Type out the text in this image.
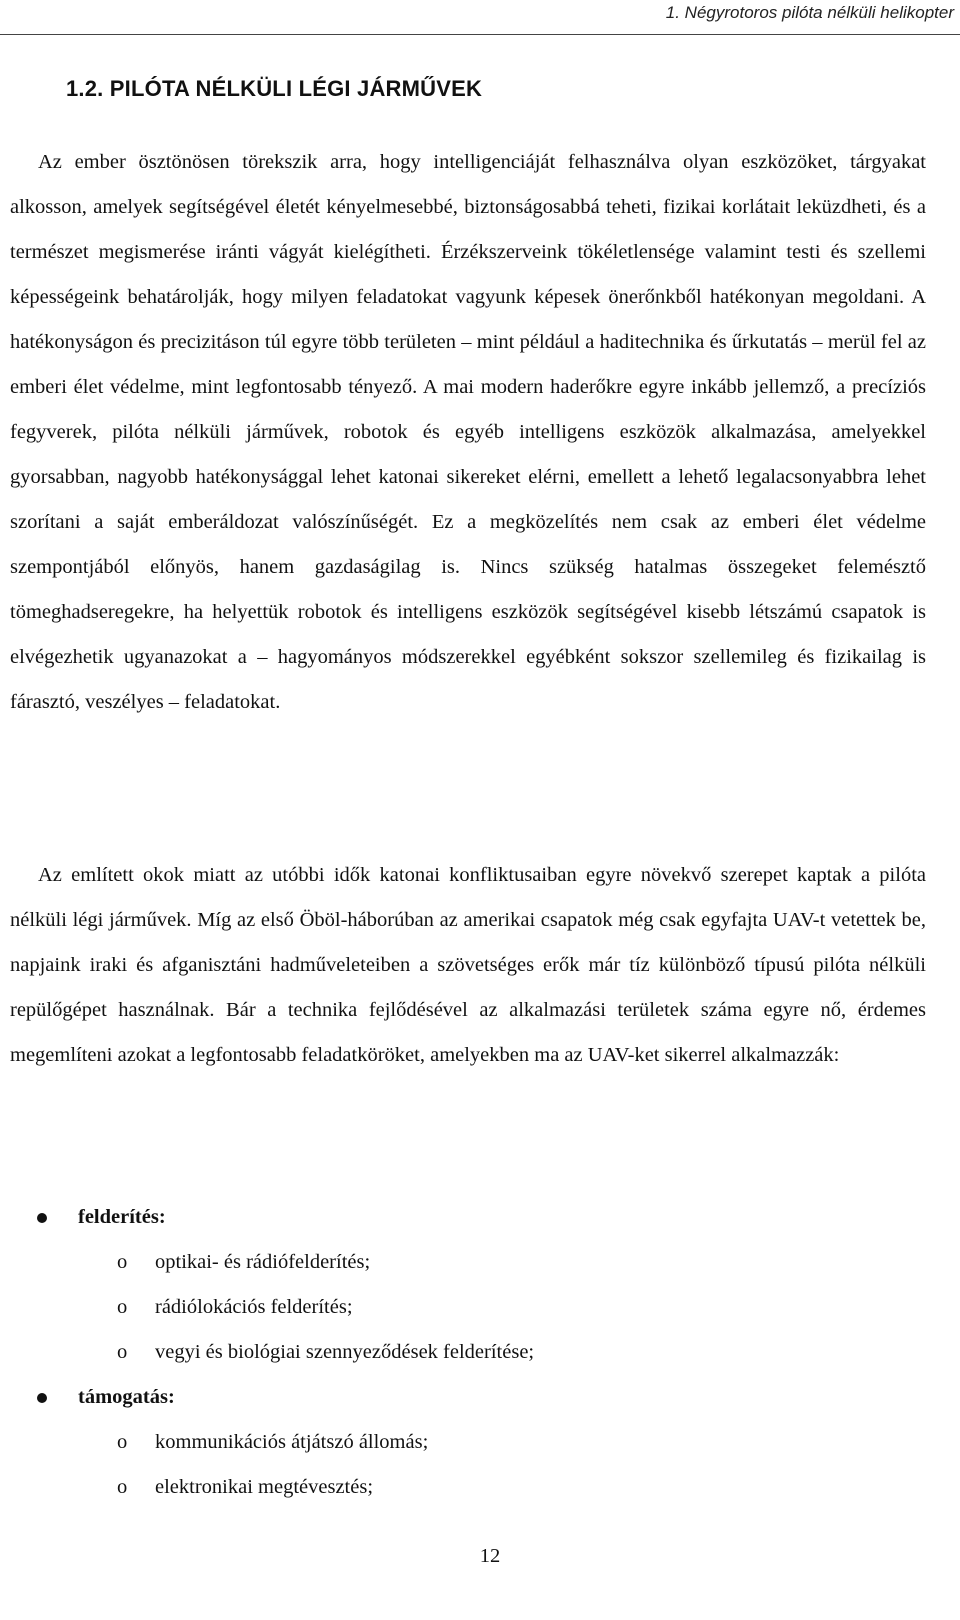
1. Négyrotoros pilóta nélküli helikopter
1.2. PILÓTA NÉLKÜLI LÉGI JÁRMŰVEK

Az ember ösztönösen törekszik arra, hogy intelligenciáját felhasználva olyan eszközöket, tárgyakat alkosson, amelyek segítségével életét kényelmesebbé, biztonságosabbá teheti, fizikai korlátait leküzdheti, és a természet megismerése iránti vágyát kielégítheti. Érzékszerveink tökéletlensége valamint testi és szellemi képességeink behatárolják, hogy milyen feladatokat vagyunk képesek önerőnkből hatékonyan megoldani. A hatékonyságon és precizitáson túl egyre több területen – mint például a haditechnika és űrkutatás – merül fel az emberi élet védelme, mint legfontosabb tényező. A mai modern haderőkre egyre inkább jellemző, a precíziós fegyverek, pilóta nélküli járművek, robotok és egyéb intelligens eszközök alkalmazása, amelyekkel gyorsabban, nagyobb hatékonysággal lehet katonai sikereket elérni, emellett a lehető legalacsonyabbra lehet szorítani a saját emberáldozat valószínűségét. Ez a megközelítés nem csak az emberi élet védelme szempontjából előnyös, hanem gazdaságilag is. Nincs szükség hatalmas összegeket felemésztő tömeghadseregekre, ha helyettük robotok és intelligens eszközök segítségével kisebb létszámú csapatok is elvégezhetik ugyanazokat a – hagyományos módszerekkel egyébként sokszor szellemileg és fizikailag is fárasztó, veszélyes – feladatokat.

Az említett okok miatt az utóbbi idők katonai konfliktusaiban egyre növekvő szerepet kaptak a pilóta nélküli légi járművek. Míg az első Öböl-háborúban az amerikai csapatok még csak egyfajta UAV-t vetettek be, napjaink iraki és afganisztáni hadműveleteiben a szövetséges erők már tíz különböző típusú pilóta nélküli repülőgépet használnak. Bár a technika fejlődésével az alkalmazási területek száma egyre nő, érdemes megemlíteni azokat a legfontosabb feladatköröket, amelyekben ma az UAV-ket sikerrel alkalmazzák:

felderítés:
o optikai- és rádiófelderítés;
o rádiólokációs felderítés;
o vegyi és biológiai szennyeződések felderítése;
támogatás:
o kommunikációs átjátszó állomás;
o elektronikai megtévesztés;
12
